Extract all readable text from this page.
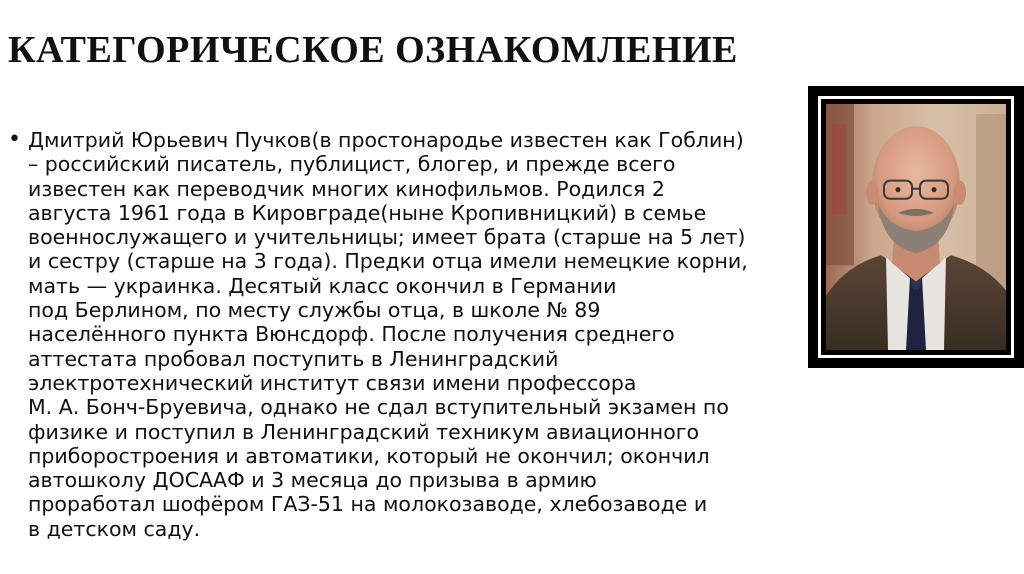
КАТЕГОРИЧЕСКОЕ ОЗНАКОМЛЕНИЕ
• Дмитрий Юрьевич Пучков(в простонародье известен как Гоблин)
– российский писатель, публицист, блогер, и прежде всего
известен как переводчик многих кинофильмов. Родился 2
августа 1961 года в Кировграде(ныне Кропивницкий) в семье
военнослужащего и учительницы; имеет брата (старше на 5 лет)
и сестру (старше на 3 года). Предки отца имели немецкие корни,
мать — украинка. Десятый класс окончил в Германии
под Берлином, по месту службы отца, в школе № 89
населённого пункта Вюнсдорф. После получения среднего
аттестата пробовал поступить в Ленинградский
электротехнический институт связи имени профессора
М. А. Бонч-Бруевича, однако не сдал вступительный экзамен по
физике и поступил в Ленинградский техникум авиационного
приборостроения и автоматики, который не окончил; окончил
автошколу ДОСААФ и 3 месяца до призыва в армию
проработал шофёром ГАЗ-51 на молокозаводе, хлебозаводе и
в детском саду.
